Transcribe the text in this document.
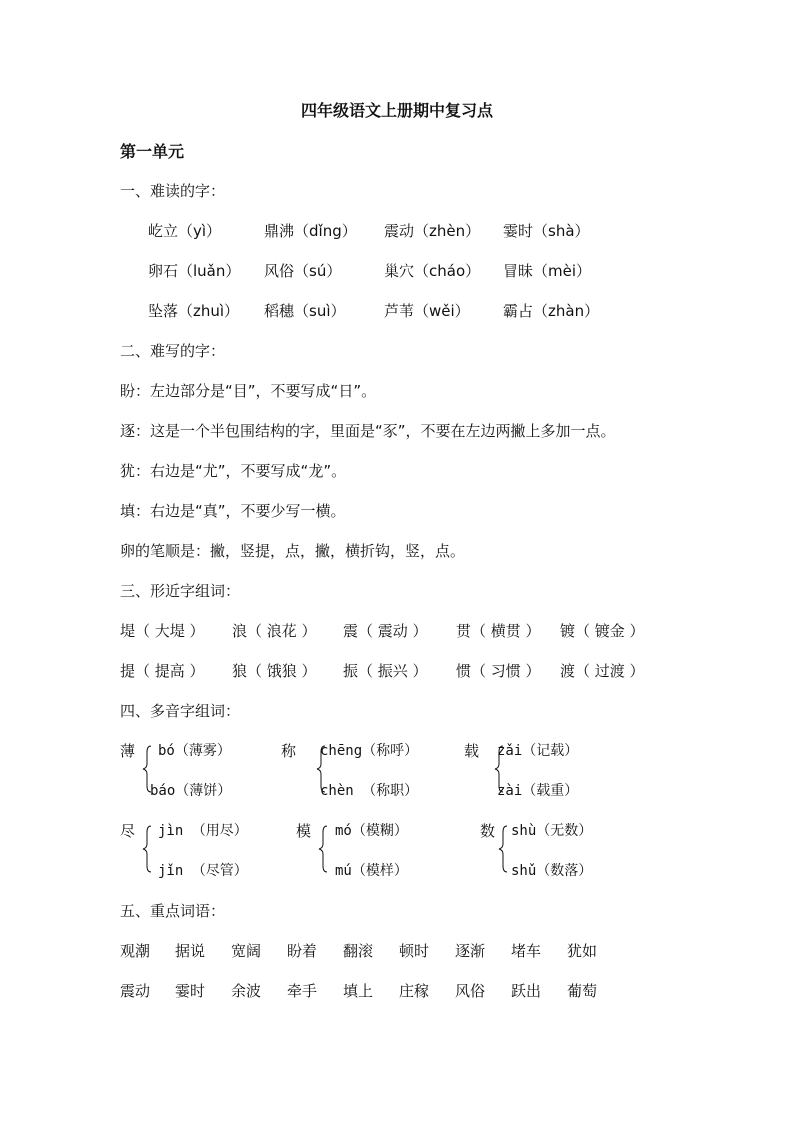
四年级语文上册期中复习点
第一单元
一、难读的字：
屹立（yì）	鼎沸（dǐng） 震动（zhèn） 霎时（shà）
卵石（luǎn） 风俗（sú）	巢穴（cháo） 冒昧（mèi）
坠落（zhuì） 稻穗（suì）	芦苇（wěi） 霸占（zhàn）
二、难写的字：
盼：左边部分是“目”，不要写成“日”。
逐：这是一个半包围结构的字，里面是“豕”，不要在左边两撇上多加一点。
犹：右边是“尤”，不要写成“龙”。
填：右边是“真”，不要少写一横。
卵的笔顺是：撇，竖提，点，撇，横折钩，竖，点。
三、形近字组词：
堤（ 大堤 ） 浪（ 浪花 ） 震（ 震动 ） 贯（ 横贯 ） 镀（ 镀金 ）
提（ 提高 ） 狼（ 饿狼 ） 振（ 振兴 ） 惯（ 习惯 ） 渡（ 过渡 ）
四、多音字组词：
薄 bó（薄雾）
báo（薄饼）
称 chēng（称呼）
chèn （称职）
载 zǎi（记载）
zài（载重）
尽 jìn （用尽）
jǐn （尽管）
模 mó（模糊）
mú（模样）
数 shù（无数）
shǔ（数落）
五、重点词语：
观潮 据说 宽阔 盼着 翻滚 顿时 逐渐 堵车 犹如
震动 霎时 余波 牵手 填上 庄稼 风俗 跃出 葡萄
